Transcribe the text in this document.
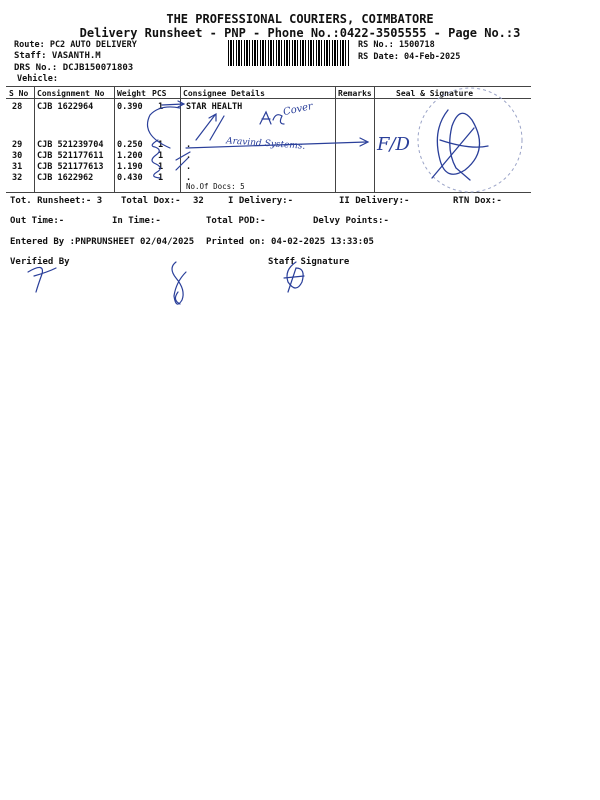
THE PROFESSIONAL COURIERS, COIMBATORE
Delivery Runsheet - PNP - Phone No.:0422-3505555 - Page No.:3
Route: PC2 AUTO DELIVERY
Staff: VASANTH.M
DRS No.: DCJB150071803
Vehicle:
RS No.: 1500718
RS Date: 04-Feb-2025
S No Consignment No Weight PCS Consignee Details	Remarks	Seal & Signature
28 CJB 1622964	0.390 1	STAR HEALTH
29 CJB 521239704 0.250 1	.
30 CJB 521177611 1.200 1	.
31 CJB 521177613 1.190 1	.
32 CJB 1622962	0.430 1	.
No.Of Docs: 5
Cover
Aravind Systems.	F/D
Tot. Runsheet:- 3 Total Dox:- 32	I Delivery:-	II Delivery:-	RTN Dox:-
Out Time:-	In Time:-	Total POD:-	Delvy Points:-
Entered By :PNPRUNSHEET 02/04/2025 Printed on: 04-02-2025 13:33:05
Verified By	Staff Signature
